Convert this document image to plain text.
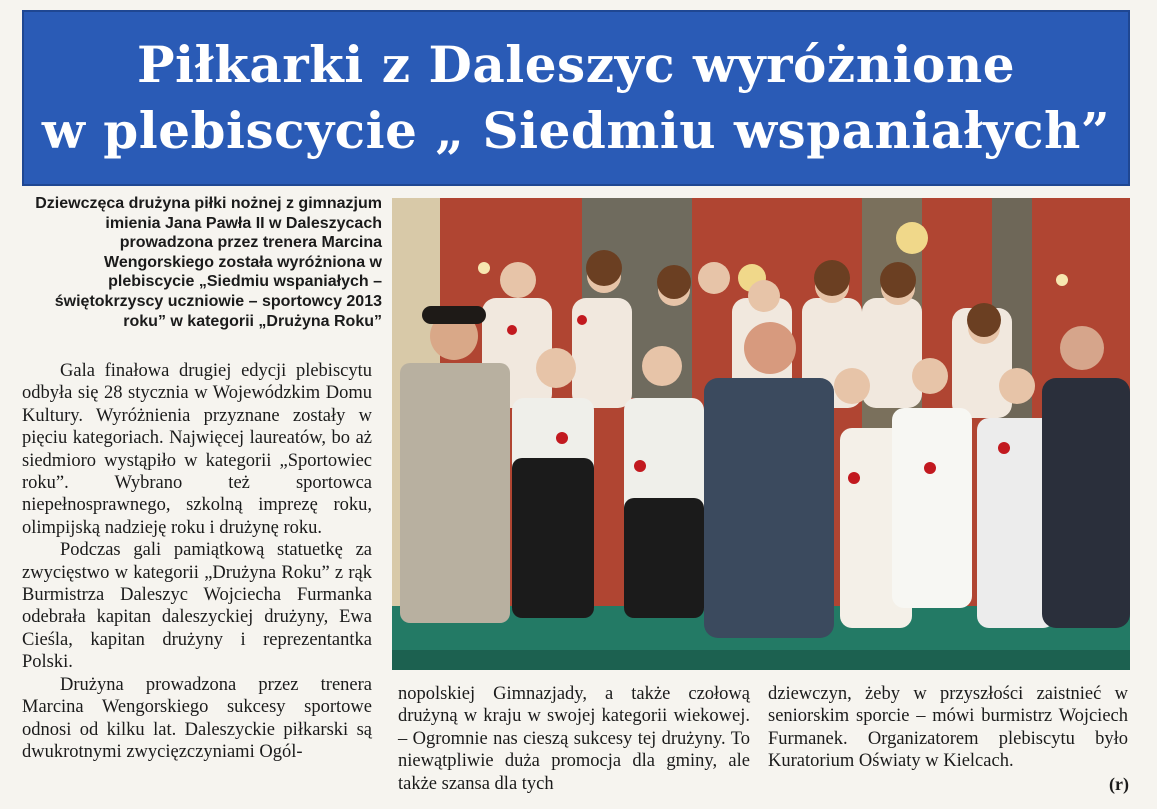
Piłkarki z Daleszyc wyróżnione
w plebiscycie „ Siedmiu wspaniałych”
Dziewczęca drużyna piłki nożnej z gimnazjum imienia Jana Pawła II w Daleszycach prowadzona przez trenera Marcina Wengorskiego została wyróżniona w plebiscycie „Siedmiu wspaniałych – świętokrzyscy uczniowie – sportowcy 2013 roku” w kategorii „Drużyna Roku”

Gala finałowa drugiej edycji plebiscytu odbyła się 28 stycznia w Wojewódzkim Domu Kultury. Wyróżnienia przyznane zostały w pięciu kategoriach. Najwięcej laureatów, bo aż siedmioro wystąpiło w kategorii „Sportowiec roku”. Wybrano też sportowca niepełnosprawnego, szkolną imprezę roku, olimpijską nadzieję roku i drużynę roku.

Podczas gali pamiątkową statuetkę za zwycięstwo w kategorii „Drużyna Roku” z rąk Burmistrza Daleszyc Wojciecha Furmanka odebrała kapitan daleszyckiej drużyny, Ewa Cieśla, kapitan drużyny i reprezentantka Polski.

Drużyna prowadzona przez trenera Marcina Wengorskiego sukcesy sportowe odnosi od kilku lat. Daleszyckie piłkarski są dwukrotnymi zwycięzczyniami Ogól-

nopolskiej Gimnazjady, a także czołową drużyną w kraju w swojej kategorii wiekowej. – Ogromnie nas cieszą sukcesy tej drużyny. To niewątpliwie duża promocja dla gminy, ale także szansa dla tych

dziewczyn, żeby w przyszłości zaistnieć w seniorskim sporcie – mówi burmistrz Wojciech Furmanek. Organizatorem plebiscytu było Kuratorium Oświaty w Kielcach.

(r)
